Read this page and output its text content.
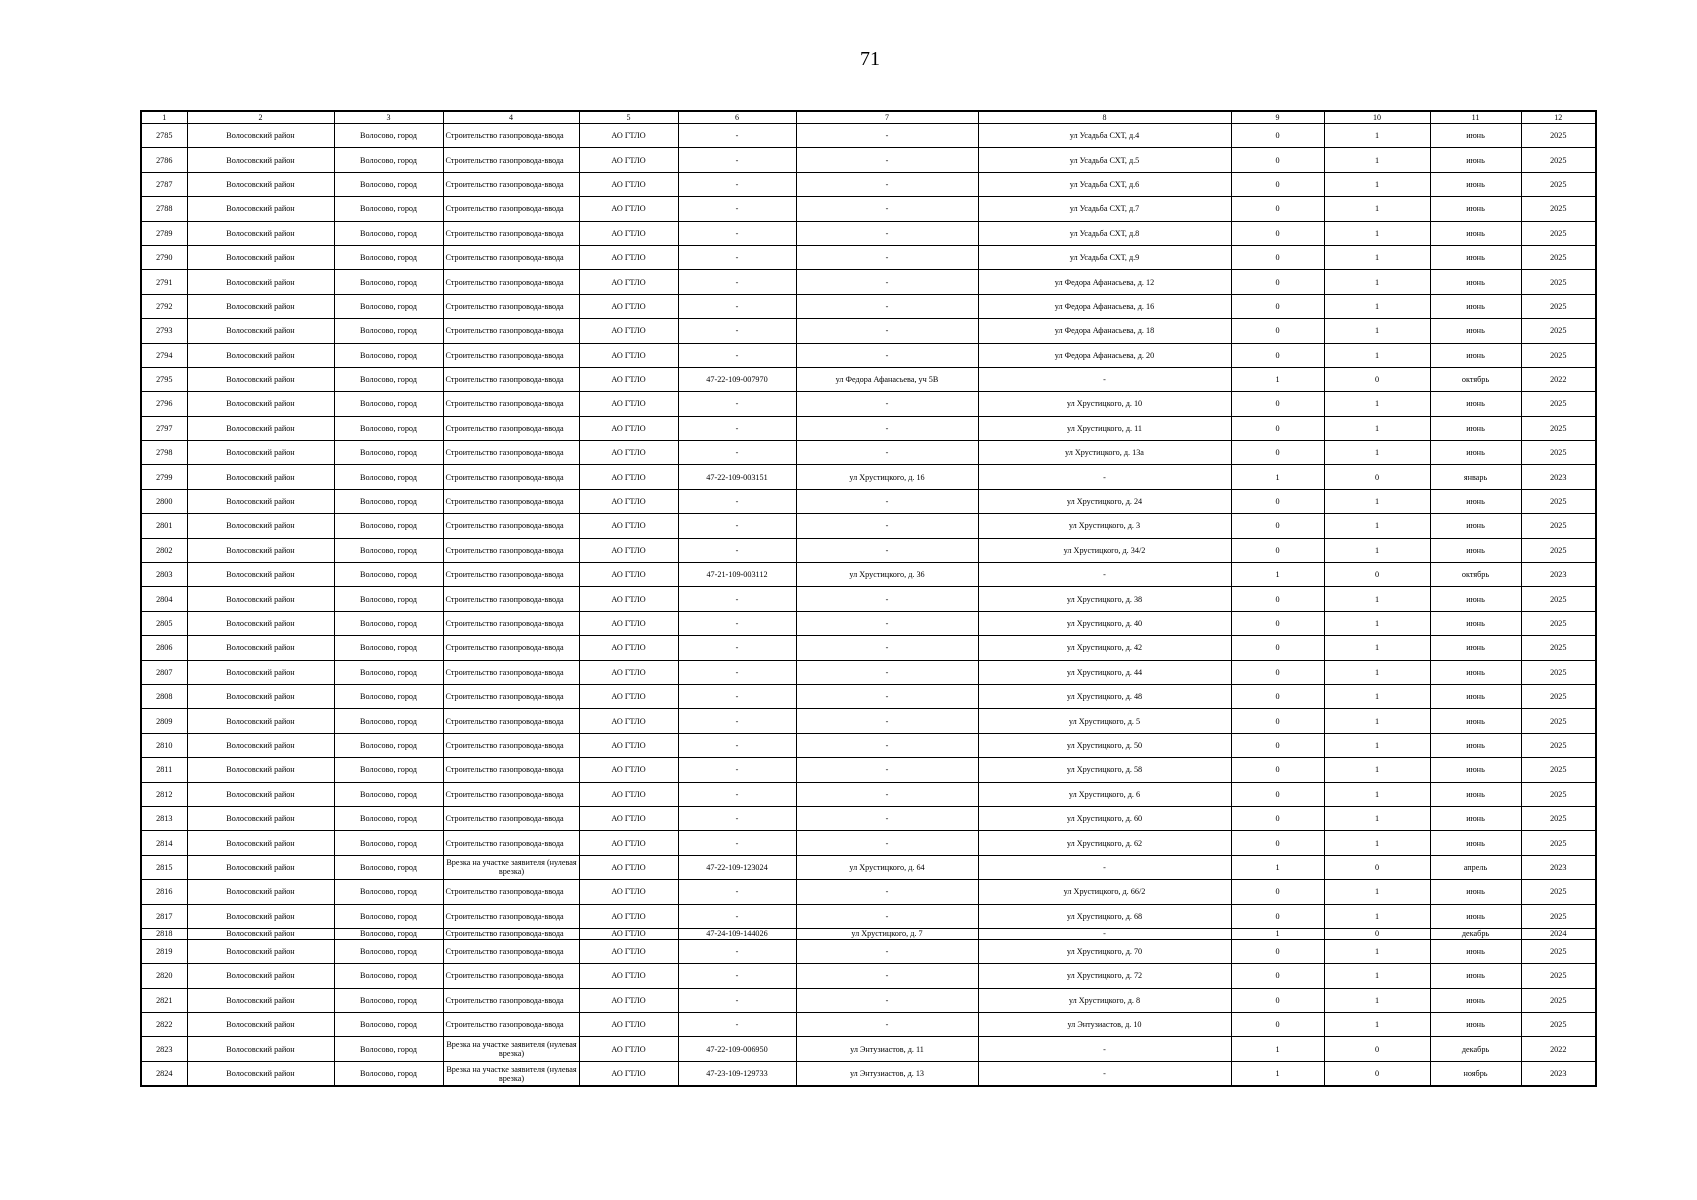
71
1	2	3	4	5	6	7	8	9	10	11	12
2785	Волосовский район	Волосово, город	Строительство газопровода-ввода	АО ГТЛО	-	-	ул Усадьба СХТ, д.4	0	1	июнь	2025
2786	Волосовский район	Волосово, город	Строительство газопровода-ввода	АО ГТЛО	-	-	ул Усадьба СХТ, д.5	0	1	июнь	2025
2787	Волосовский район	Волосово, город	Строительство газопровода-ввода	АО ГТЛО	-	-	ул Усадьба СХТ, д.6	0	1	июнь	2025
2788	Волосовский район	Волосово, город	Строительство газопровода-ввода	АО ГТЛО	-	-	ул Усадьба СХТ, д.7	0	1	июнь	2025
2789	Волосовский район	Волосово, город	Строительство газопровода-ввода	АО ГТЛО	-	-	ул Усадьба СХТ, д.8	0	1	июнь	2025
2790	Волосовский район	Волосово, город	Строительство газопровода-ввода	АО ГТЛО	-	-	ул Усадьба СХТ, д.9	0	1	июнь	2025
2791	Волосовский район	Волосово, город	Строительство газопровода-ввода	АО ГТЛО	-	-	ул Федора Афанасьева, д. 12	0	1	июнь	2025
2792	Волосовский район	Волосово, город	Строительство газопровода-ввода	АО ГТЛО	-	-	ул Федора Афанасьева, д. 16	0	1	июнь	2025
2793	Волосовский район	Волосово, город	Строительство газопровода-ввода	АО ГТЛО	-	-	ул Федора Афанасьева, д. 18	0	1	июнь	2025
2794	Волосовский район	Волосово, город	Строительство газопровода-ввода	АО ГТЛО	-	-	ул Федора Афанасьева, д. 20	0	1	июнь	2025
2795	Волосовский район	Волосово, город	Строительство газопровода-ввода	АО ГТЛО	47-22-109-007970	ул Федора Афанасьева, уч 5В	-	1	0	октябрь	2022
2796	Волосовский район	Волосово, город	Строительство газопровода-ввода	АО ГТЛО	-	-	ул Хрустицкого, д. 10	0	1	июнь	2025
2797	Волосовский район	Волосово, город	Строительство газопровода-ввода	АО ГТЛО	-	-	ул Хрустицкого, д. 11	0	1	июнь	2025
2798	Волосовский район	Волосово, город	Строительство газопровода-ввода	АО ГТЛО	-	-	ул Хрустицкого, д. 13а	0	1	июнь	2025
2799	Волосовский район	Волосово, город	Строительство газопровода-ввода	АО ГТЛО	47-22-109-003151	ул Хрустицкого, д. 16	-	1	0	январь	2023
2800	Волосовский район	Волосово, город	Строительство газопровода-ввода	АО ГТЛО	-	-	ул Хрустицкого, д. 24	0	1	июнь	2025
2801	Волосовский район	Волосово, город	Строительство газопровода-ввода	АО ГТЛО	-	-	ул Хрустицкого, д. 3	0	1	июнь	2025
2802	Волосовский район	Волосово, город	Строительство газопровода-ввода	АО ГТЛО	-	-	ул Хрустицкого, д. 34/2	0	1	июнь	2025
2803	Волосовский район	Волосово, город	Строительство газопровода-ввода	АО ГТЛО	47-21-109-003112	ул Хрустицкого, д. 36	-	1	0	октябрь	2023
2804	Волосовский район	Волосово, город	Строительство газопровода-ввода	АО ГТЛО	-	-	ул Хрустицкого, д. 38	0	1	июнь	2025
2805	Волосовский район	Волосово, город	Строительство газопровода-ввода	АО ГТЛО	-	-	ул Хрустицкого, д. 40	0	1	июнь	2025
2806	Волосовский район	Волосово, город	Строительство газопровода-ввода	АО ГТЛО	-	-	ул Хрустицкого, д. 42	0	1	июнь	2025
2807	Волосовский район	Волосово, город	Строительство газопровода-ввода	АО ГТЛО	-	-	ул Хрустицкого, д. 44	0	1	июнь	2025
2808	Волосовский район	Волосово, город	Строительство газопровода-ввода	АО ГТЛО	-	-	ул Хрустицкого, д. 48	0	1	июнь	2025
2809	Волосовский район	Волосово, город	Строительство газопровода-ввода	АО ГТЛО	-	-	ул Хрустицкого, д. 5	0	1	июнь	2025
2810	Волосовский район	Волосово, город	Строительство газопровода-ввода	АО ГТЛО	-	-	ул Хрустицкого, д. 50	0	1	июнь	2025
2811	Волосовский район	Волосово, город	Строительство газопровода-ввода	АО ГТЛО	-	-	ул Хрустицкого, д. 58	0	1	июнь	2025
2812	Волосовский район	Волосово, город	Строительство газопровода-ввода	АО ГТЛО	-	-	ул Хрустицкого, д. 6	0	1	июнь	2025
2813	Волосовский район	Волосово, город	Строительство газопровода-ввода	АО ГТЛО	-	-	ул Хрустицкого, д. 60	0	1	июнь	2025
2814	Волосовский район	Волосово, город	Строительство газопровода-ввода	АО ГТЛО	-	-	ул Хрустицкого, д. 62	0	1	июнь	2025
2815	Волосовский район	Волосово, город	Врезка на участке заявителя (нулевая врезка)	АО ГТЛО	47-22-109-123024	ул Хрустицкого, д. 64	-	1	0	апрель	2023
2816	Волосовский район	Волосово, город	Строительство газопровода-ввода	АО ГТЛО	-	-	ул Хрустицкого, д. 66/2	0	1	июнь	2025
2817	Волосовский район	Волосово, город	Строительство газопровода-ввода	АО ГТЛО	-	-	ул Хрустицкого, д. 68	0	1	июнь	2025
2818	Волосовский район	Волосово, город	Строительство газопровода-ввода	АО ГТЛО	47-24-109-144026	ул Хрустицкого, д. 7	-	1	0	декабрь	2024
2819	Волосовский район	Волосово, город	Строительство газопровода-ввода	АО ГТЛО	-	-	ул Хрустицкого, д. 70	0	1	июнь	2025
2820	Волосовский район	Волосово, город	Строительство газопровода-ввода	АО ГТЛО	-	-	ул Хрустицкого, д. 72	0	1	июнь	2025
2821	Волосовский район	Волосово, город	Строительство газопровода-ввода	АО ГТЛО	-	-	ул Хрустицкого, д. 8	0	1	июнь	2025
2822	Волосовский район	Волосово, город	Строительство газопровода-ввода	АО ГТЛО	-	-	ул Энтузиастов, д. 10	0	1	июнь	2025
2823	Волосовский район	Волосово, город	Врезка на участке заявителя (нулевая врезка)	АО ГТЛО	47-22-109-006950	ул Энтузиастов, д. 11	-	1	0	декабрь	2022
2824	Волосовский район	Волосово, город	Врезка на участке заявителя (нулевая врезка)	АО ГТЛО	47-23-109-129733	ул Энтузиастов, д. 13	-	1	0	ноябрь	2023
